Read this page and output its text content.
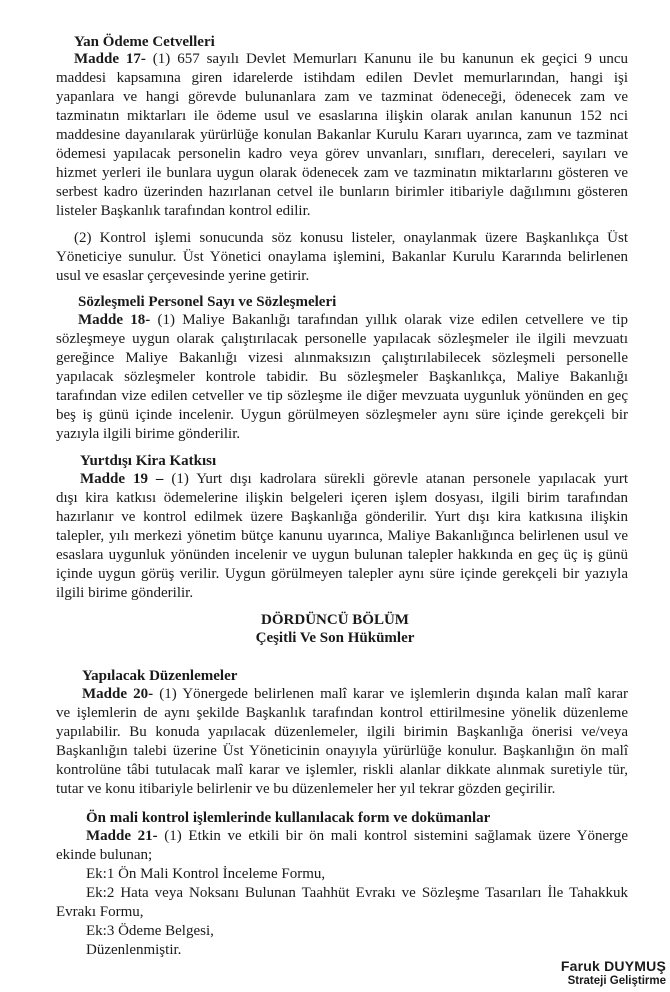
Yan Ödeme Cetvelleri
Madde 17- (1) 657 sayılı Devlet Memurları Kanunu ile bu kanunun ek geçici 9 uncu
maddesi kapsamına giren idarelerde istihdam edilen Devlet memurlarından, hangi işi
yapanlara ve hangi görevde bulunanlara zam ve tazminat ödeneceği, ödenecek zam ve
tazminatın miktarları ile ödeme usul ve esaslarına ilişkin olarak anılan kanunun 152 nci
maddesine dayanılarak yürürlüğe konulan Bakanlar Kurulu Kararı uyarınca, zam ve tazminat
ödemesi yapılacak personelin kadro veya görev unvanları, sınıfları, dereceleri, sayıları ve
hizmet yerleri ile bunlara uygun olarak ödenecek zam ve tazminatın miktarlarını gösteren ve
serbest kadro üzerinden hazırlanan cetvel ile bunların birimler itibariyle dağılımını gösteren
listeler Başkanlık tarafından kontrol edilir.
(2) Kontrol işlemi sonucunda söz konusu listeler, onaylanmak üzere Başkanlıkça Üst
Yöneticiye sunulur. Üst Yönetici onaylama işlemini, Bakanlar Kurulu Kararında belirlenen
usul ve esaslar çerçevesinde yerine getirir.
Sözleşmeli Personel Sayı ve Sözleşmeleri
Madde 18- (1) Maliye Bakanlığı tarafından yıllık olarak vize edilen cetvellere ve tip
sözleşmeye uygun olarak çalıştırılacak personelle yapılacak sözleşmeler ile ilgili mevzuatı
gereğince Maliye Bakanlığı vizesi alınmaksızın çalıştırılabilecek sözleşmeli personelle
yapılacak sözleşmeler kontrole tabidir. Bu sözleşmeler Başkanlıkça, Maliye Bakanlığı
tarafından vize edilen cetveller ve tip sözleşme ile diğer mevzuata uygunluk yönünden en geç
beş iş günü içinde incelenir. Uygun görülmeyen sözleşmeler aynı süre içinde gerekçeli bir
yazıyla ilgili birime gönderilir.
Yurtdışı Kira Katkısı
Madde 19 – (1) Yurt dışı kadrolara sürekli görevle atanan personele yapılacak yurt
dışı kira katkısı ödemelerine ilişkin belgeleri içeren işlem dosyası, ilgili birim tarafından
hazırlanır ve kontrol edilmek üzere Başkanlığa gönderilir. Yurt dışı kira katkısına ilişkin
talepler, yılı merkezi yönetim bütçe kanunu uyarınca, Maliye Bakanlığınca belirlenen usul ve
esaslara uygunluk yönünden incelenir ve uygun bulunan talepler hakkında en geç üç iş günü
içinde uygun görüş verilir. Uygun görülmeyen talepler aynı süre içinde gerekçeli bir yazıyla
ilgili birime gönderilir.
DÖRDÜNCÜ BÖLÜM
Çeşitli Ve Son Hükümler
Yapılacak Düzenlemeler
Madde 20- (1) Yönergede belirlenen malî karar ve işlemlerin dışında kalan malî karar
ve işlemlerin de aynı şekilde Başkanlık tarafından kontrol ettirilmesine yönelik düzenleme
yapılabilir. Bu konuda yapılacak düzenlemeler, ilgili birimin Başkanlığa önerisi ve/veya
Başkanlığın talebi üzerine Üst Yöneticinin onayıyla yürürlüğe konulur. Başkanlığın ön malî
kontrolüne tâbi tutulacak malî karar ve işlemler, riskli alanlar dikkate alınmak suretiyle tür,
tutar ve konu itibariyle belirlenir ve bu düzenlemeler her yıl tekrar gözden geçirilir.
Ön mali kontrol işlemlerinde kullanılacak form ve dokümanlar
Madde 21- (1) Etkin ve etkili bir ön mali kontrol sistemini sağlamak üzere Yönerge
ekinde bulunan;
Ek:1 Ön Mali Kontrol İnceleme Formu,
Ek:2 Hata veya Noksanı Bulunan Taahhüt Evrakı ve Sözleşme Tasarıları İle Tahakkuk
Evrakı Formu,
Ek:3 Ödeme Belgesi,
Düzenlenmiştir.
Faruk DUYMUŞ
Strateji Geliştirme
